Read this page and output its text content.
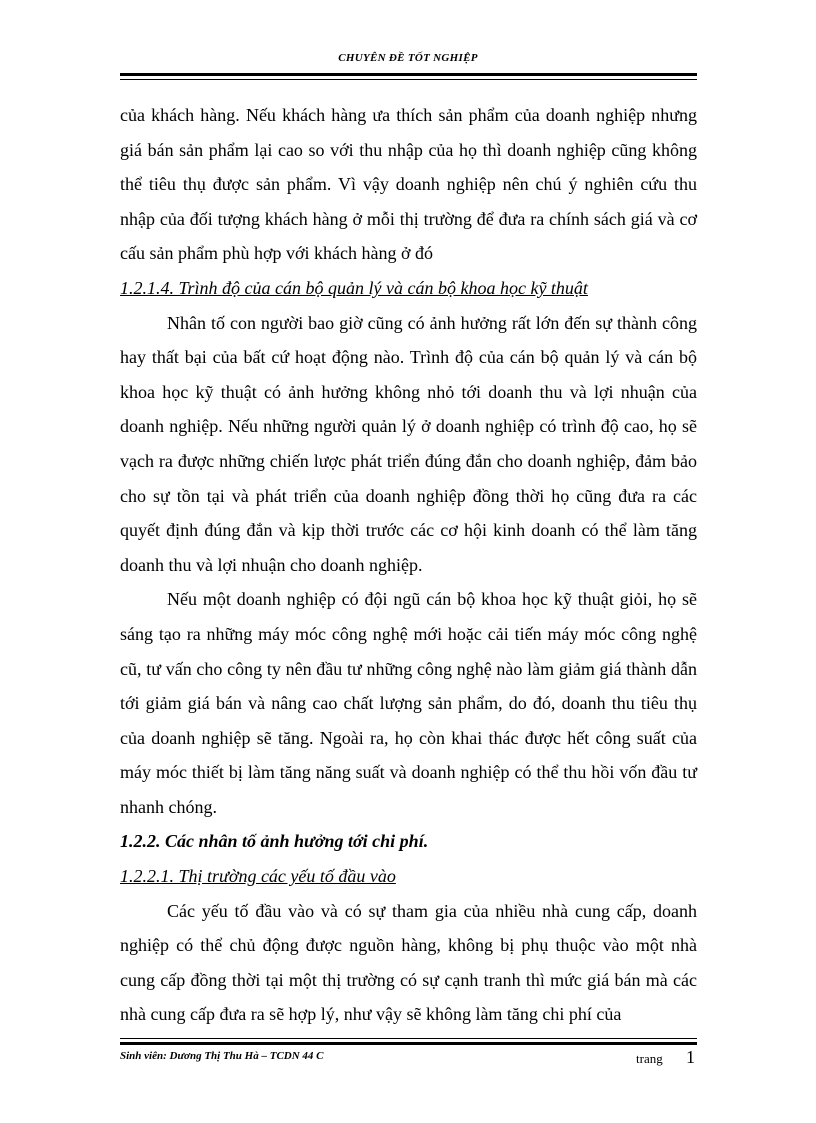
CHUYÊN ĐỀ TỐT NGHIỆP

của khách hàng. Nếu khách hàng ưa thích sản phẩm của doanh nghiệp nhưng giá bán sản phẩm lại cao so với thu nhập của họ thì doanh nghiệp cũng không thể tiêu thụ được sản phẩm. Vì vậy doanh nghiệp nên chú ý nghiên cứu thu nhập của đối tượng khách hàng ở mỗi thị trường để đưa ra chính sách giá và cơ cấu sản phẩm phù hợp với khách hàng ở đó

1.2.1.4. Trình độ của cán bộ quản lý và cán bộ khoa học kỹ thuật

Nhân tố con người bao giờ cũng có ảnh hưởng rất lớn đến sự thành công hay thất bại của bất cứ hoạt động nào. Trình độ của cán bộ quản lý và cán bộ khoa học kỹ thuật có ảnh hưởng không nhỏ tới doanh thu và lợi nhuận của doanh nghiệp. Nếu những người quản lý ở doanh nghiệp có trình độ cao, họ sẽ vạch ra được những chiến lược phát triển đúng đắn cho doanh nghiệp, đảm bảo cho sự tồn tại và phát triển của doanh nghiệp đồng thời họ cũng đưa ra các quyết định đúng đắn và kịp thời trước các cơ hội kinh doanh có thể làm tăng doanh thu và lợi nhuận cho doanh nghiệp.

Nếu một doanh nghiệp có đội ngũ cán bộ khoa học kỹ thuật giỏi, họ sẽ sáng tạo ra những máy móc công nghệ mới hoặc cải tiến máy móc công nghệ cũ, tư vấn cho công ty nên đầu tư những công nghệ nào làm giảm giá thành dẫn tới giảm giá bán và nâng cao chất lượng sản phẩm, do đó, doanh thu tiêu thụ của doanh nghiệp sẽ tăng. Ngoài ra, họ còn khai thác được hết công suất của máy móc thiết bị làm tăng năng suất và doanh nghiệp có thể thu hồi vốn đầu tư nhanh chóng.

1.2.2. Các nhân tố ảnh hưởng tới chi phí.

1.2.2.1. Thị trường các yếu tố đầu vào

Các yếu tố đầu vào và có sự tham gia của nhiều nhà cung cấp, doanh nghiệp có thể chủ động được nguồn hàng, không bị phụ thuộc vào một nhà cung cấp đồng thời tại một thị trường có sự cạnh tranh thì mức giá bán mà các nhà cung cấp đưa ra sẽ hợp lý, như vậy sẽ không làm tăng chi phí của

Sinh viên: Dương Thị Thu Hà – TCDN 44 C	trang 1
